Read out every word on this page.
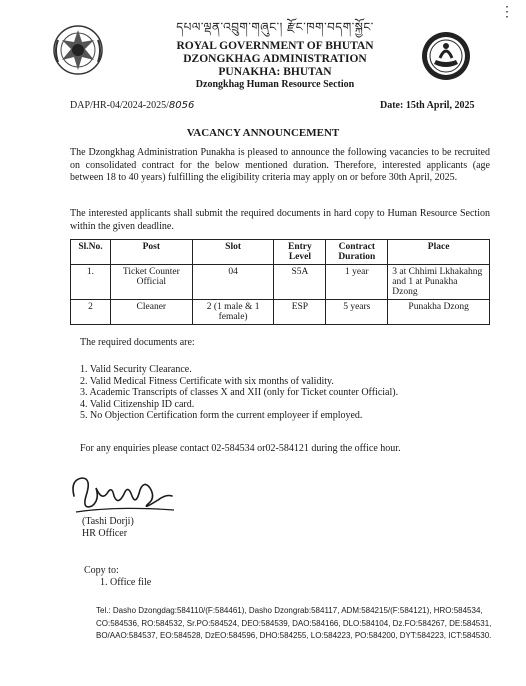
⋮
དཔལ་ལྡན་འབྲུག་གཞུང་། རྫོང་ཁག་བདག་སྐྱོང་
ROYAL GOVERNMENT OF BHUTAN
DZONGKHAG ADMINISTRATION
PUNAKHA: BHUTAN
Dzongkhag Human Resource Section
DAP/HR-04/2024-2025/8056	Date: 15th April, 2025
VACANCY ANNOUNCEMENT
The Dzongkhag Administration Punakha is pleased to announce the following vacancies to be recruited on consolidated contract for the below mentioned duration. Therefore, interested applicants (age between 18 to 40 years) fulfilling the eligibility criteria may apply on or before 30th April, 2025.
The interested applicants shall submit the required documents in hard copy to Human Resource Section within the given deadline.
Sl.No.	Post	Slot	Entry Level	Contract Duration	Place
1.	Ticket Counter Official	04	S5A	1 year	3 at Chhimi Lkhakahng and 1 at Punakha Dzong
2	Cleaner	2 (1 male & 1 female)	ESP	5 years	Punakha Dzong
The required documents are:
1. Valid Security Clearance.
2. Valid Medical Fitness Certificate with six months of validity.
3. Academic Transcripts of classes X and XII (only for Ticket counter Official).
4. Valid Citizenship ID card.
5. No Objection Certification form the current employeer if employed.
For any enquiries please contact 02-584534 or02-584121 during the office hour.
(Tashi Dorji)
HR Officer
Copy to:
1. Office file
Tel.: Dasho Dzongdag:584110/(F:584461), Dasho Dzongrab:584117, ADM:584215/(F:584121), HRO:584534,
CO:584536, RO:584532, Sr.PO:584524, DEO:584539, DAO:584166, DLO:584104, Dz.FO:584267, DE:584531,
BO/AAO:584537, EO:584528, DzEO:584596, DHO:584255, LO:584223, PO:584200, DYT:584223, ICT:584530.
